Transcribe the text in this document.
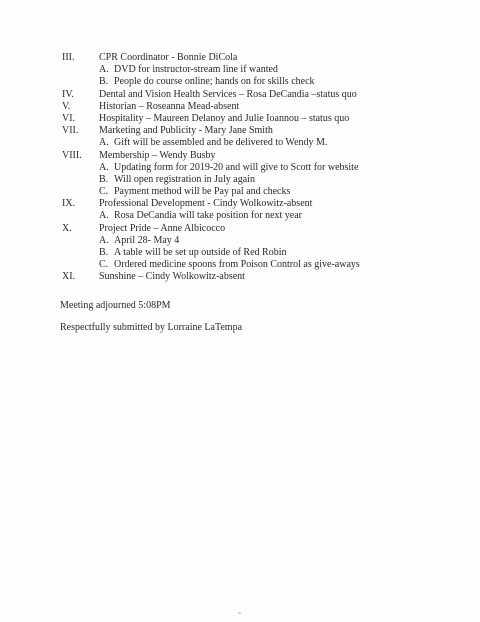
III. CPR Coordinator - Bonnie DiCola
A. DVD for instructor-stream line if wanted
B. People do course online; hands on for skills check
IV.	Dental and Vision Health Services – Rosa DeCandia –status quo
V.	Historian – Roseanna Mead-absent
VI. Hospitality – Maureen Delanoy and Julie Ioannou – status quo
VII. Marketing and Publicity - Mary Jane Smith
A. Gift will be assembled and be delivered to Wendy M.
VIII. Membership – Wendy Busby
A. Updating form for 2019-20 and will give to Scott for website
B. Will open registration in July again
C. Payment method will be Pay pal and checks
IX. Professional Development - Cindy Wolkowitz-absent
A. Rosa DeCandia will take position for next year
X.	Project Pride – Anne Albicocco
A. April 28- May 4
B. A table will be set up outside of Red Robin
C. Ordered medicine spoons from Poison Control as give-aways
XI. Sunshine – Cindy Wolkowitz-absent
Meeting adjourned 5:08PM
Respectfully submitted by Lorraine LaTempa
